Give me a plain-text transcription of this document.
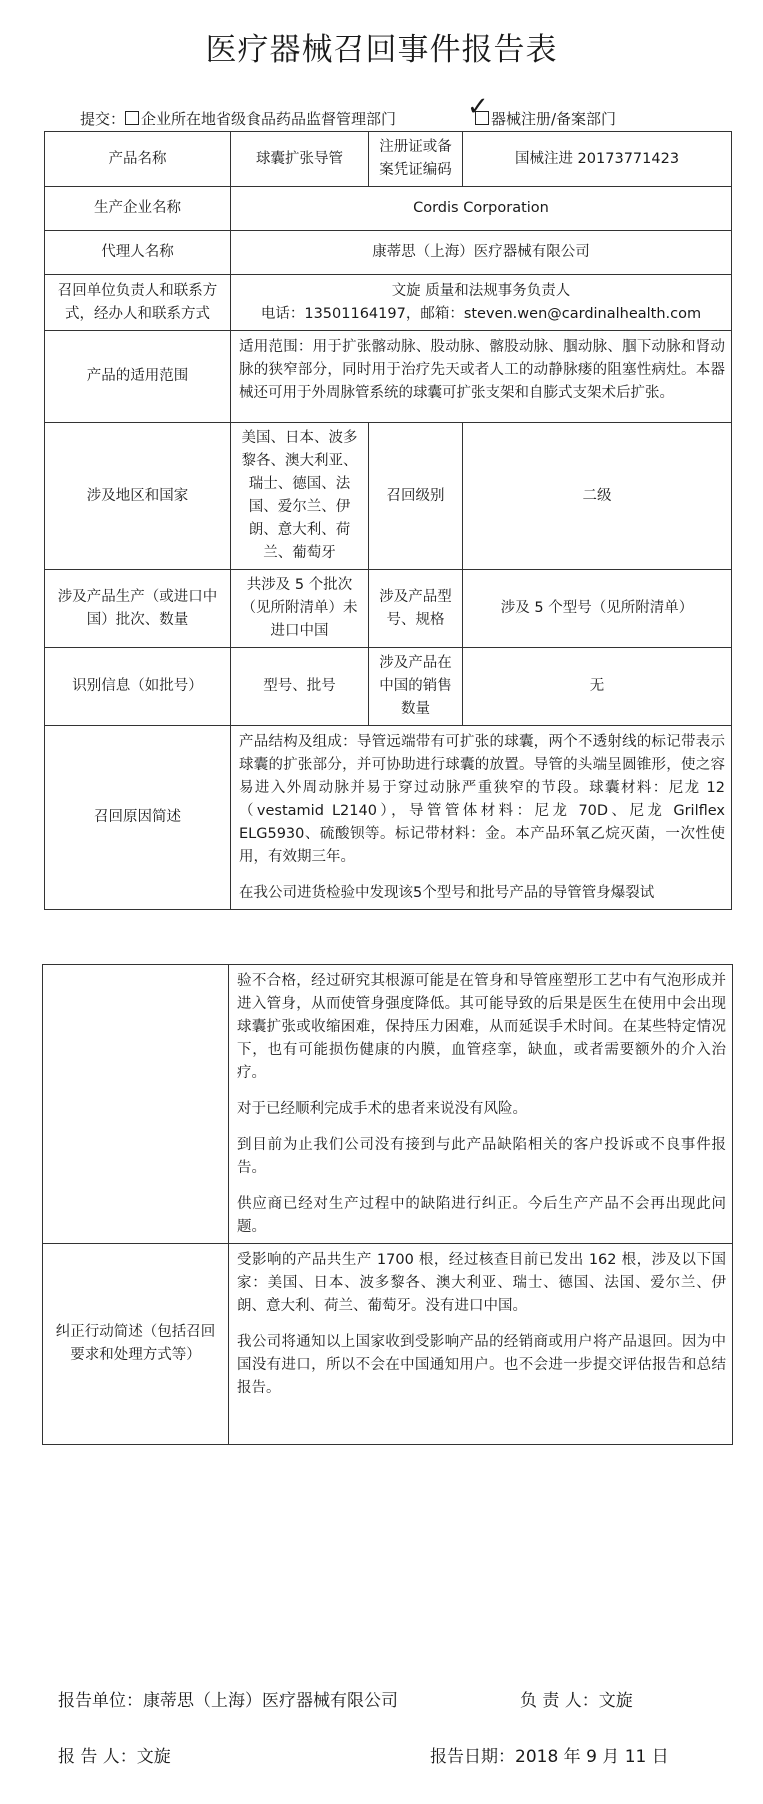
医疗器械召回事件报告表
提交： 企业所在地省级食品药品监督管理部门	✓ 器械注册/备案部门
产品名称	球囊扩张导管	注册证或备案凭证编码	国械注进 20173771423
生产企业名称	Cordis Corporation		
代理人名称	康蒂思（上海）医疗器械有限公司		
召回单位负责人和联系方式，经办人和联系方式	文旋 质量和法规事务负责人
电话：13501164197，邮箱：steven.wen@cardinalhealth.com		

产品的适用范围	适用范围：用于扩张髂动脉、股动脉、髂股动脉、腘动脉、腘下动脉和肾动脉的狭窄部分，同时用于治疗先天或者人工的动静脉瘘的阻塞性病灶。本器械还可用于外周脉管系统的球囊可扩张支架和自膨式支架术后扩张。		
涉及地区和国家	美国、日本、波多黎各、澳大利亚、瑞士、德国、法国、爱尔兰、伊朗、意大利、荷兰、葡萄牙	召回级别	二级
涉及产品生产（或进口中国）批次、数量	共涉及 5 个批次（见所附清单）未进口中国	涉及产品型号、规格	涉及 5 个型号（见所附清单）
识别信息（如批号）	型号、批号	涉及产品在中国的销售数量	无
召回原因简述	产品结构及组成：导管远端带有可扩张的球囊，两个不透射线的标记带表示球囊的扩张部分，并可协助进行球囊的放置。导管的头端呈圆锥形，使之容易进入外周动脉并易于穿过动脉严重狭窄的节段。球囊材料：尼龙 12（vestamid L2140），导管管体材料：尼龙 70D、尼龙 Grilflex ELG5930、硫酸钡等。标记带材料：金。本产品环氧乙烷灭菌，一次性使用，有效期三年。
在我公司进货检验中发现该5个型号和批号产品的导管管身爆裂试		

	验不合格，经过研究其根源可能是在管身和导管座塑形工艺中有气泡形成并进入管身，从而使管身强度降低。其可能导致的后果是医生在使用中会出现球囊扩张或收缩困难，保持压力困难，从而延误手术时间。在某些特定情况下，也有可能损伤健康的内膜，血管痉挛，缺血，或者需要额外的介入治疗。
对于已经顺利完成手术的患者来说没有风险。
到目前为止我们公司没有接到与此产品缺陷相关的客户投诉或不良事件报告。
供应商已经对生产过程中的缺陷进行纠正。今后生产产品不会再出现此问题。

纠正行动简述（包括召回要求和处理方式等）	受影响的产品共生产 1700 根，经过核查目前已发出 162 根，涉及以下国家：美国、日本、波多黎各、澳大利亚、瑞士、德国、法国、爱尔兰、伊朗、意大利、荷兰、葡萄牙。没有进口中国。
我公司将通知以上国家收到受影响产品的经销商或用户将产品退回。因为中国没有进口，所以不会在中国通知用户。也不会进一步提交评估报告和总结报告。
报告单位：康蒂思（上海）医疗器械有限公司	负 责 人：文旋
报 告 人：文旋	报告日期：2018 年 9 月 11 日
